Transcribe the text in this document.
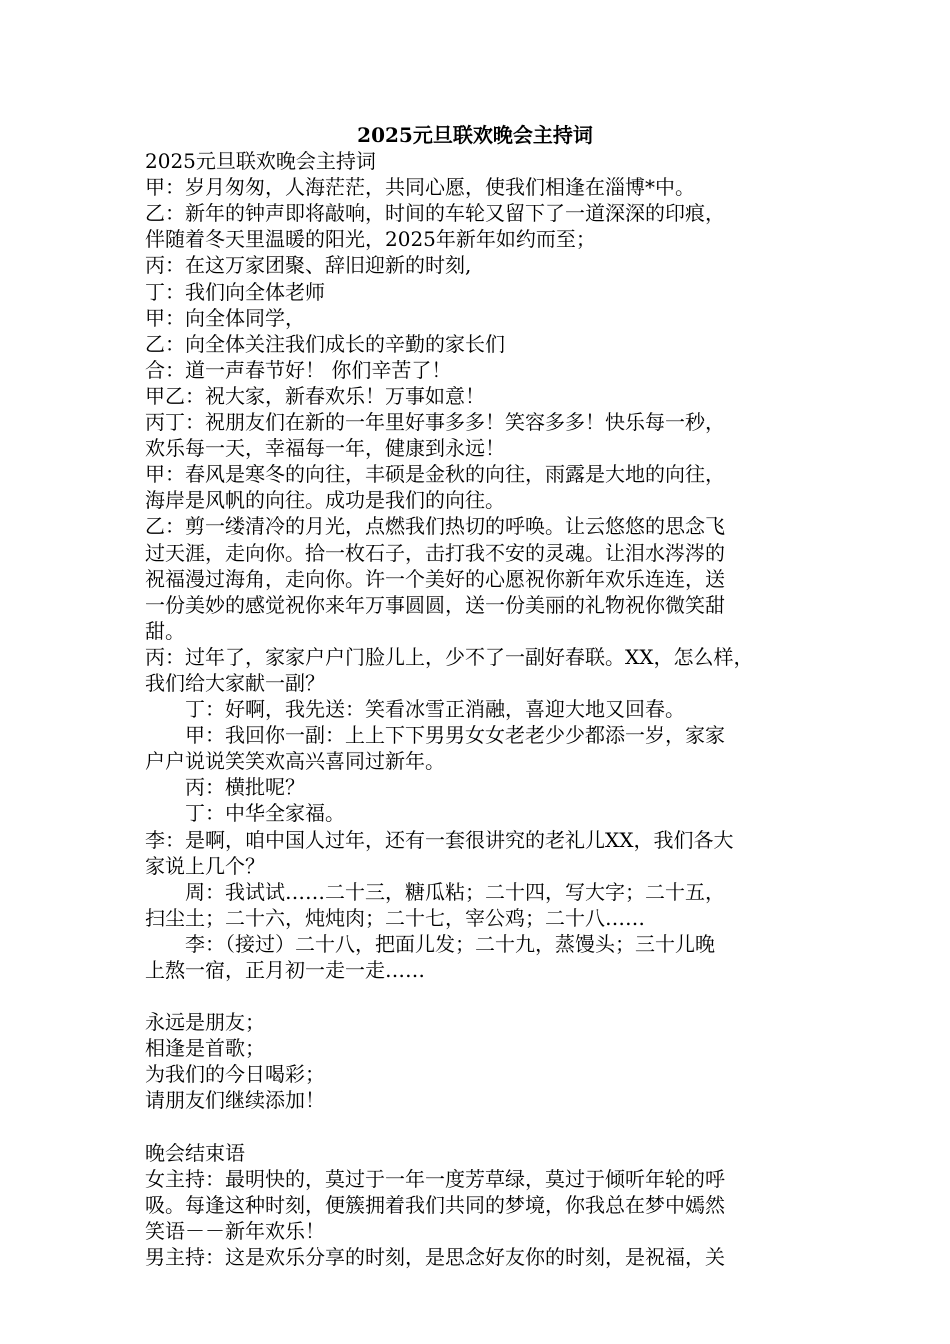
2025元旦联欢晚会主持词

2025元旦联欢晚会主持词

甲：岁月匆匆，人海茫茫，共同心愿，使我们相逢在淄博*中。

乙：新年的钟声即将敲响，时间的车轮又留下了一道深深的印痕，

伴随着冬天里温暖的阳光，2025年新年如约而至；

丙：在这万家团聚、辞旧迎新的时刻,

丁：我们向全体老师

甲：向全体同学，

乙：向全体关注我们成长的辛勤的家长们

合：道一声春节好！ 你们辛苦了！

甲乙：祝大家，新春欢乐！万事如意！

丙丁：祝朋友们在新的一年里好事多多！笑容多多！快乐每一秒，

欢乐每一天，幸福每一年，健康到永远！

甲：春风是寒冬的向往，丰硕是金秋的向往，雨露是大地的向往，

海岸是风帆的向往。成功是我们的向往。

乙：剪一缕清冷的月光，点燃我们热切的呼唤。让云悠悠的思念飞

过天涯，走向你。拾一枚石子，击打我不安的灵魂。让泪水涔涔的

祝福漫过海角，走向你。许一个美好的心愿祝你新年欢乐连连，送

一份美妙的感觉祝你来年万事圆圆，送一份美丽的礼物祝你微笑甜

甜。

丙：过年了，家家户户门脸儿上，少不了一副好春联。XX，怎么样，

我们给大家献一副？

丁：好啊，我先送：笑看冰雪正消融，喜迎大地又回春。

甲：我回你一副：上上下下男男女女老老少少都添一岁，家家

户户说说笑笑欢高兴喜同过新年。

丙：横批呢？

丁：中华全家福。

李：是啊，咱中国人过年，还有一套很讲究的老礼儿XX，我们各大

家说上几个？

周：我试试……二十三，糖瓜粘；二十四，写大字；二十五，

扫尘土；二十六，炖炖肉；二十七，宰公鸡；二十八……

李：（接过）二十八，把面儿发；二十九，蒸馒头；三十儿晚

上熬一宿，正月初一走一走……

永远是朋友；

相逢是首歌；

为我们的今日喝彩；

请朋友们继续添加！

晚会结束语

女主持：最明快的，莫过于一年一度芳草绿，莫过于倾听年轮的呼

吸。每逢这种时刻，便簇拥着我们共同的梦境，你我总在梦中嫣然

笑语－－新年欢乐！

男主持：这是欢乐分享的时刻，是思念好友你的时刻，是祝福，关
